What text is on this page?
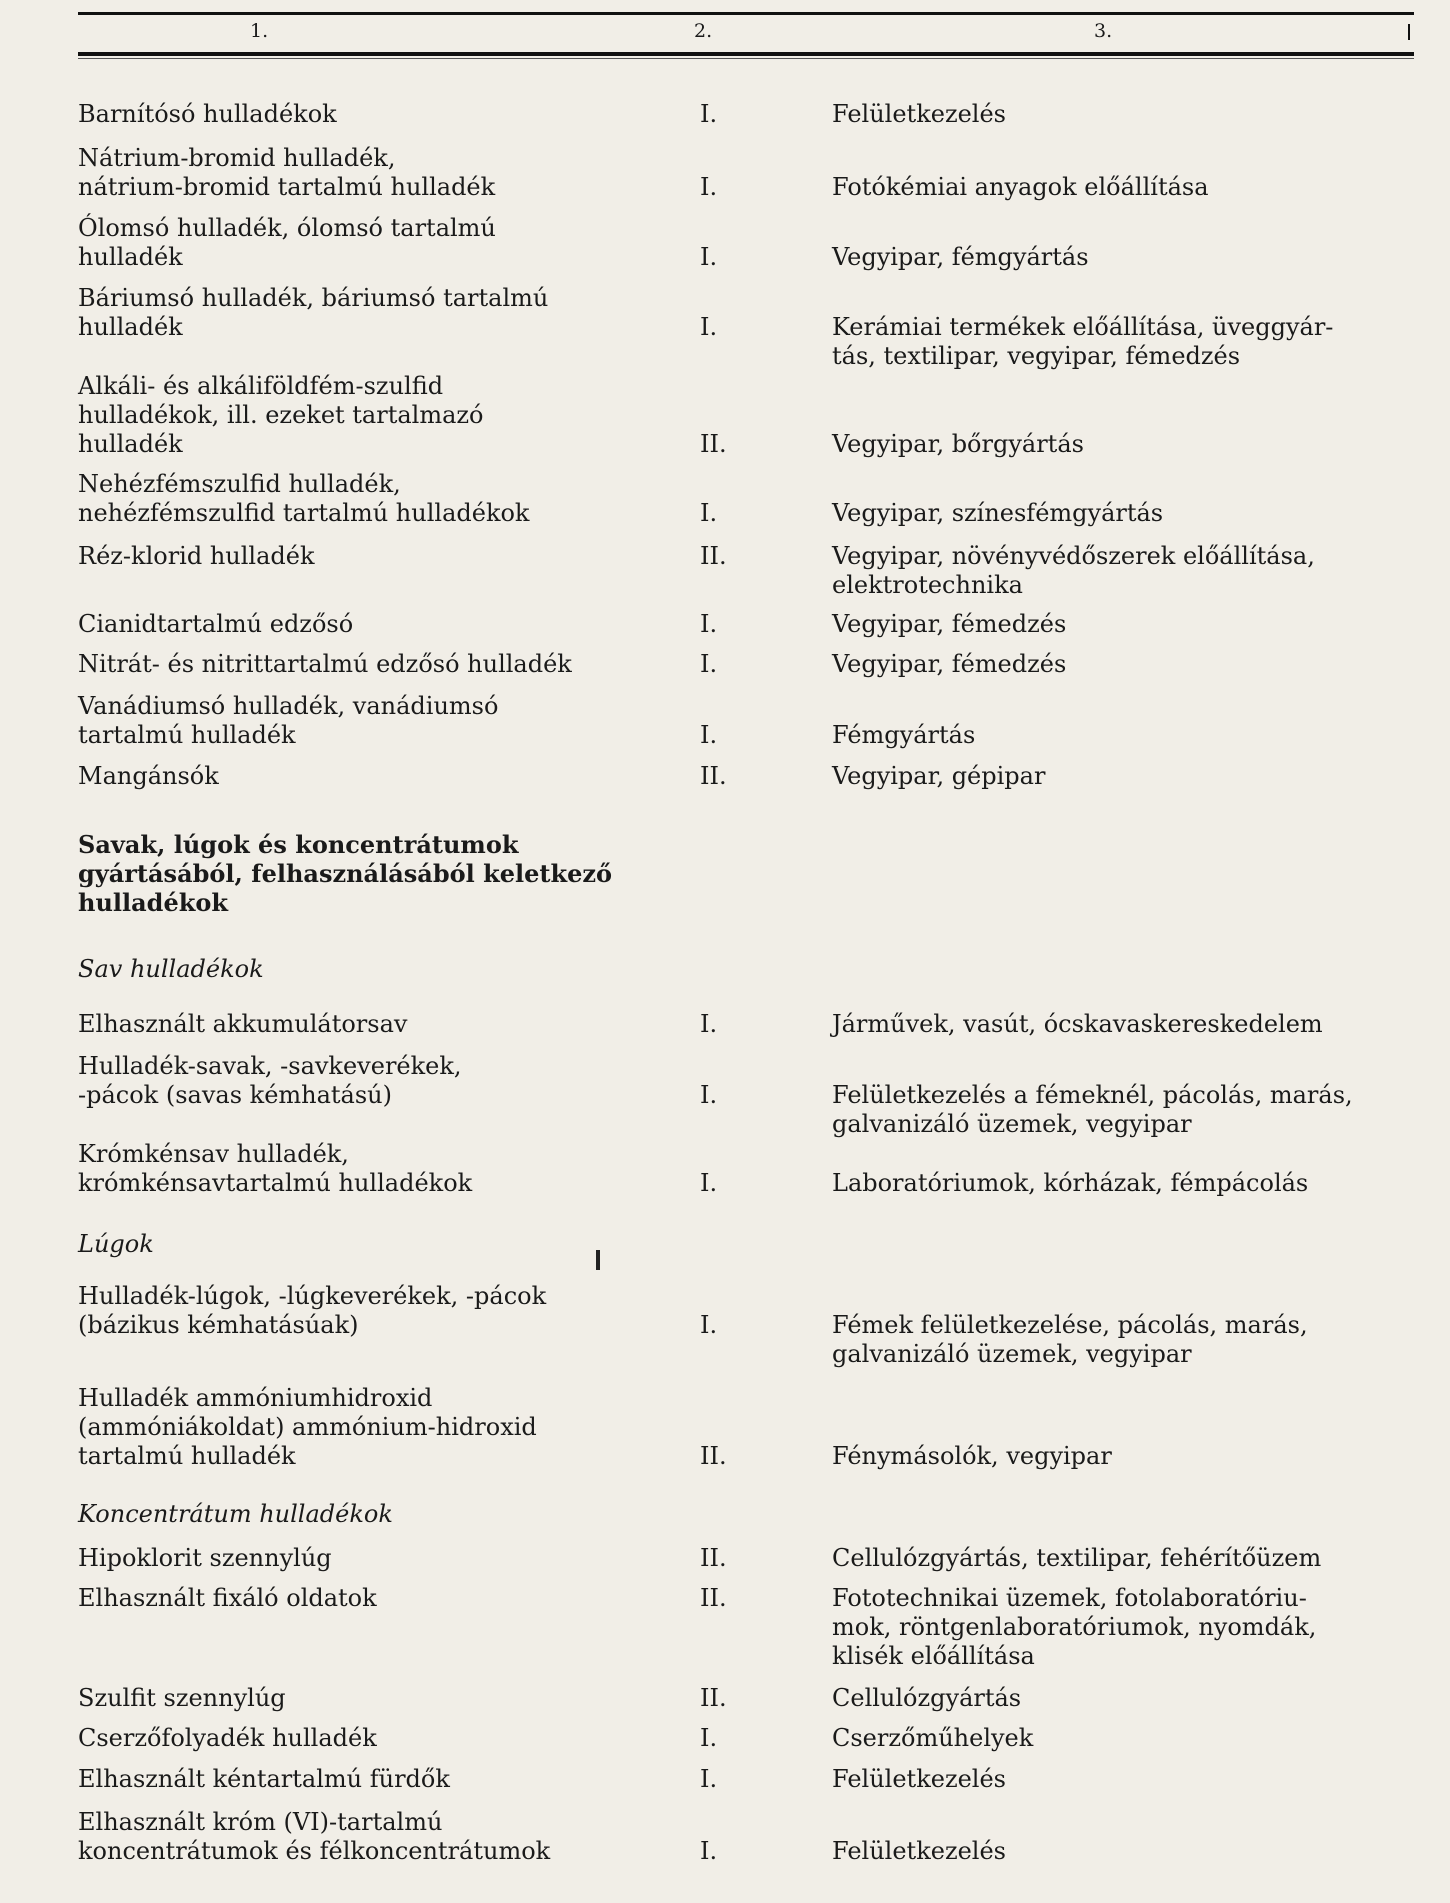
1.	2.	3.
Barnítósó hulladékok	I.	Felületkezelés
Nátrium-bromid hulladék,
nátrium-bromid tartalmú hulladék	I.	Fotókémiai anyagok előállítása
Ólomsó hulladék, ólomsó tartalmú
hulladék	I.	Vegyipar, fémgyártás
Báriumsó hulladék, báriumsó tartalmú
hulladék	I.	Kerámiai termékek előállítása, üveggyár-
tás, textilipar, vegyipar, fémedzés
Alkáli- és alkáliföldfém-szulfid
hulladékok, ill. ezeket tartalmazó
hulladék	II.	Vegyipar, bőrgyártás
Nehézfémszulfid hulladék,
nehézfémszulfid tartalmú hulladékok	I.	Vegyipar, színesfémgyártás
Réz-klorid hulladék	II.	Vegyipar, növényvédőszerek előállítása,
elektrotechnika
Cianidtartalmú edzősó	I.	Vegyipar, fémedzés
Nitrát- és nitrittartalmú edzősó hulladék	I.	Vegyipar, fémedzés
Vanádiumsó hulladék, vanádiumsó
tartalmú hulladék	I.	Fémgyártás
Mangánsók	II.	Vegyipar, gépipar
Savak, lúgok és koncentrátumok
gyártásából, felhasználásából keletkező
hulladékok
Sav hulladékok
Elhasznált akkumulátorsav	I.	Járművek, vasút, ócskavaskereskedelem
Hulladék-savak, -savkeverékek,
-pácok (savas kémhatású)	I.	Felületkezelés a fémeknél, pácolás, marás,
galvanizáló üzemek, vegyipar
Krómkénsav hulladék,
krómkénsavtartalmú hulladékok	I.	Laboratóriumok, kórházak, fémpácolás
Lúgok
Hulladék-lúgok, -lúgkeverékek, -pácok
(bázikus kémhatásúak)	I.	Fémek felületkezelése, pácolás, marás,
galvanizáló üzemek, vegyipar
Hulladék ammóniumhidroxid
(ammóniákoldat) ammónium-hidroxid
tartalmú hulladék	II.	Fénymásolók, vegyipar
Koncentrátum hulladékok
Hipoklorit szennylúg	II.	Cellulózgyártás, textilipar, fehérítőüzem
Elhasznált fixáló oldatok	II.	Fototechnikai üzemek, fotolaboratóriu-
mok, röntgenlaboratóriumok, nyomdák,
klisék előállítása
Szulfit szennylúg	II.	Cellulózgyártás
Cserzőfolyadék hulladék	I.	Cserzőműhelyek
Elhasznált kéntartalmú fürdők	I.	Felületkezelés
Elhasznált króm (VI)-tartalmú
koncentrátumok és félkoncentrátumok	I.	Felületkezelés
